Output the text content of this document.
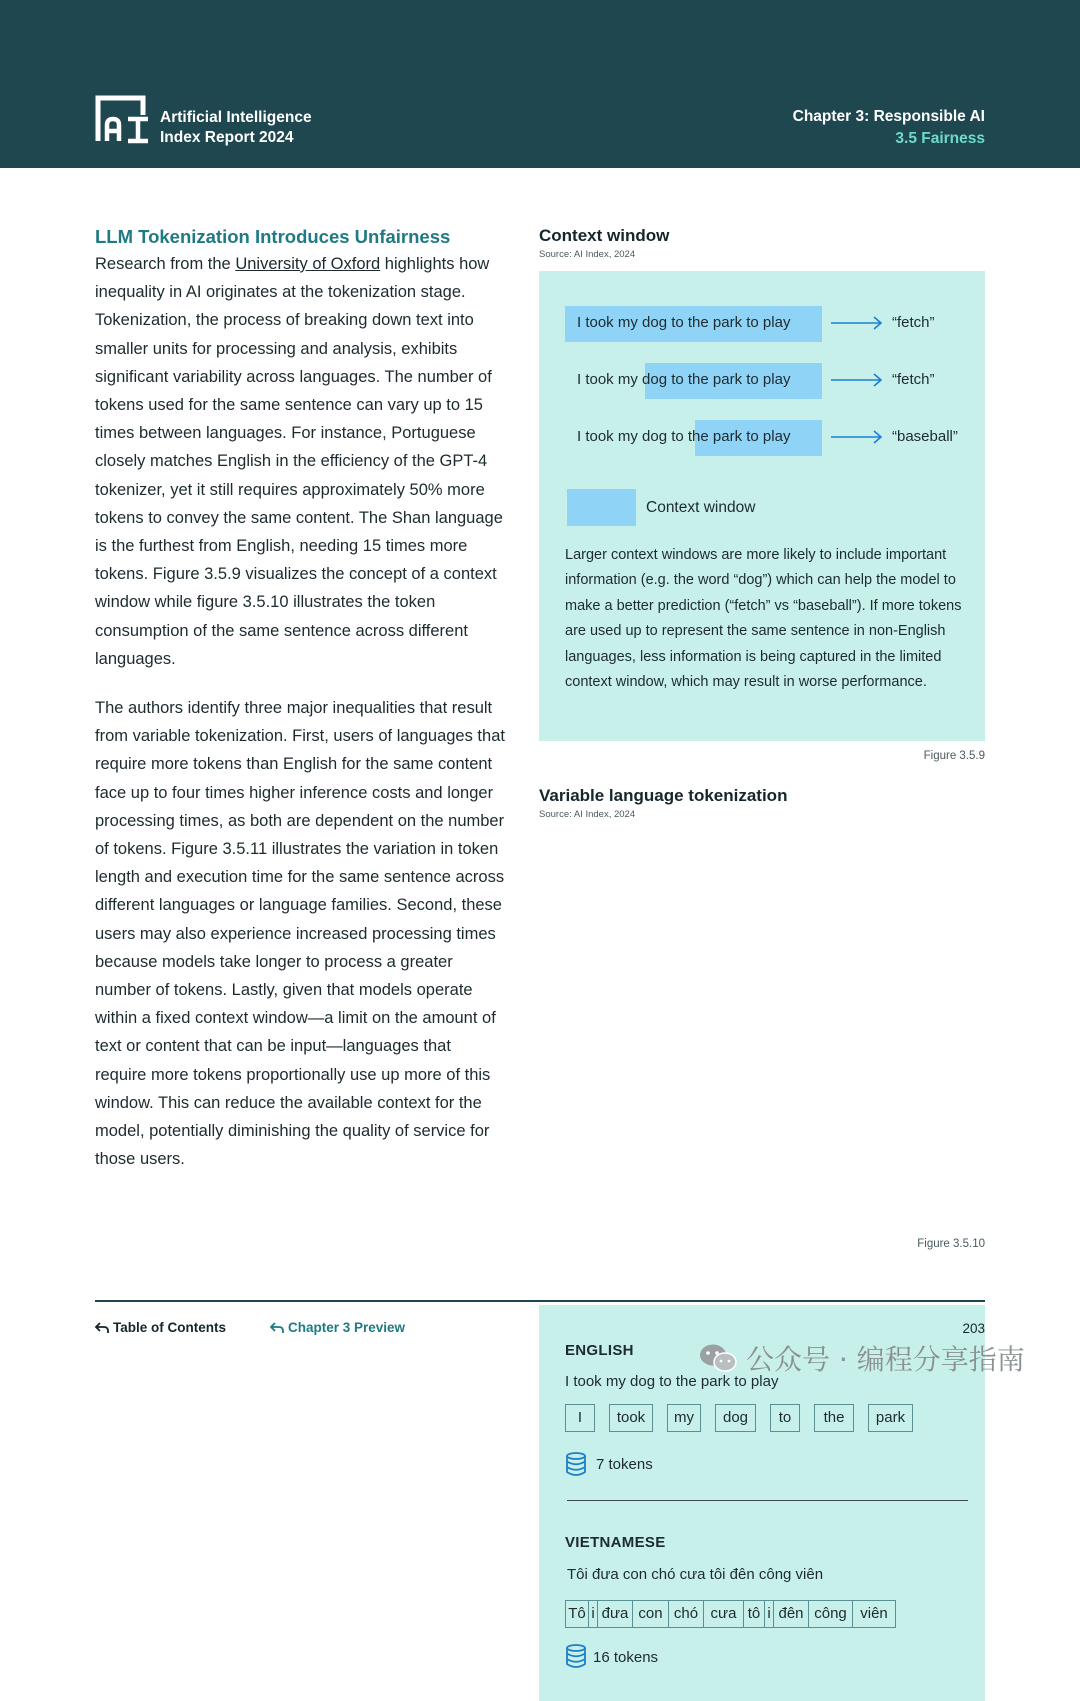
Artificial Intelligence
Index Report 2024
Chapter 3: Responsible AI
3.5 Fairness
LLM Tokenization Introduces Unfairness

Research from the University of Oxford highlights how inequality in AI originates at the tokenization stage. Tokenization, the process of breaking down text into smaller units for processing and analysis, exhibits significant variability across languages. The number of tokens used for the same sentence can vary up to 15 times between languages. For instance, Portuguese closely matches English in the efficiency of the GPT-4 tokenizer, yet it still requires approximately 50% more tokens to convey the same content. The Shan language is the furthest from English, needing 15 times more tokens. Figure 3.5.9 visualizes the concept of a context window while figure 3.5.10 illustrates the token consumption of the same sentence across different languages.

The authors identify three major inequalities that result from variable tokenization. First, users of languages that require more tokens than English for the same content face up to four times higher inference costs and longer processing times, as both are dependent on the number of tokens. Figure 3.5.11 illustrates the variation in token length and execution time for the same sentence across different languages or language families. Second, these users may also experience increased processing times because models take longer to process a greater number of tokens. Lastly, given that models operate within a fixed context window—a limit on the amount of text or content that can be input—languages that require more tokens proportionally use up more of this window. This can reduce the available context for the model, potentially diminishing the quality of service for those users.

Context window
Source: AI Index, 2024
I took my dog to the park to play	“fetch”
I took my dog to the park to play	“fetch”
I took my dog to the park to play	“baseball”
Context window
Larger context windows are more likely to include important information (e.g. the word “dog”) which can help the model to make a better prediction (“fetch” vs “baseball”). If more tokens are used up to represent the same sentence in non-English languages, less information is being captured in the limited context window, which may result in worse performance.
Figure 3.5.9
Variable language tokenization
Source: AI Index, 2024
ENGLISH
I took my dog to the park to play
I	took	my	dog	to	the	park
7 tokens
VIETNAMESE
Tôi đưa con chó cưa tôi đên công viên
Tô i đưa con chó cưa tô i đên công viên
16 tokens
Figure 3.5.10
Table of Contents	Chapter 3 Preview	203
公众号 · 编程分享指南
